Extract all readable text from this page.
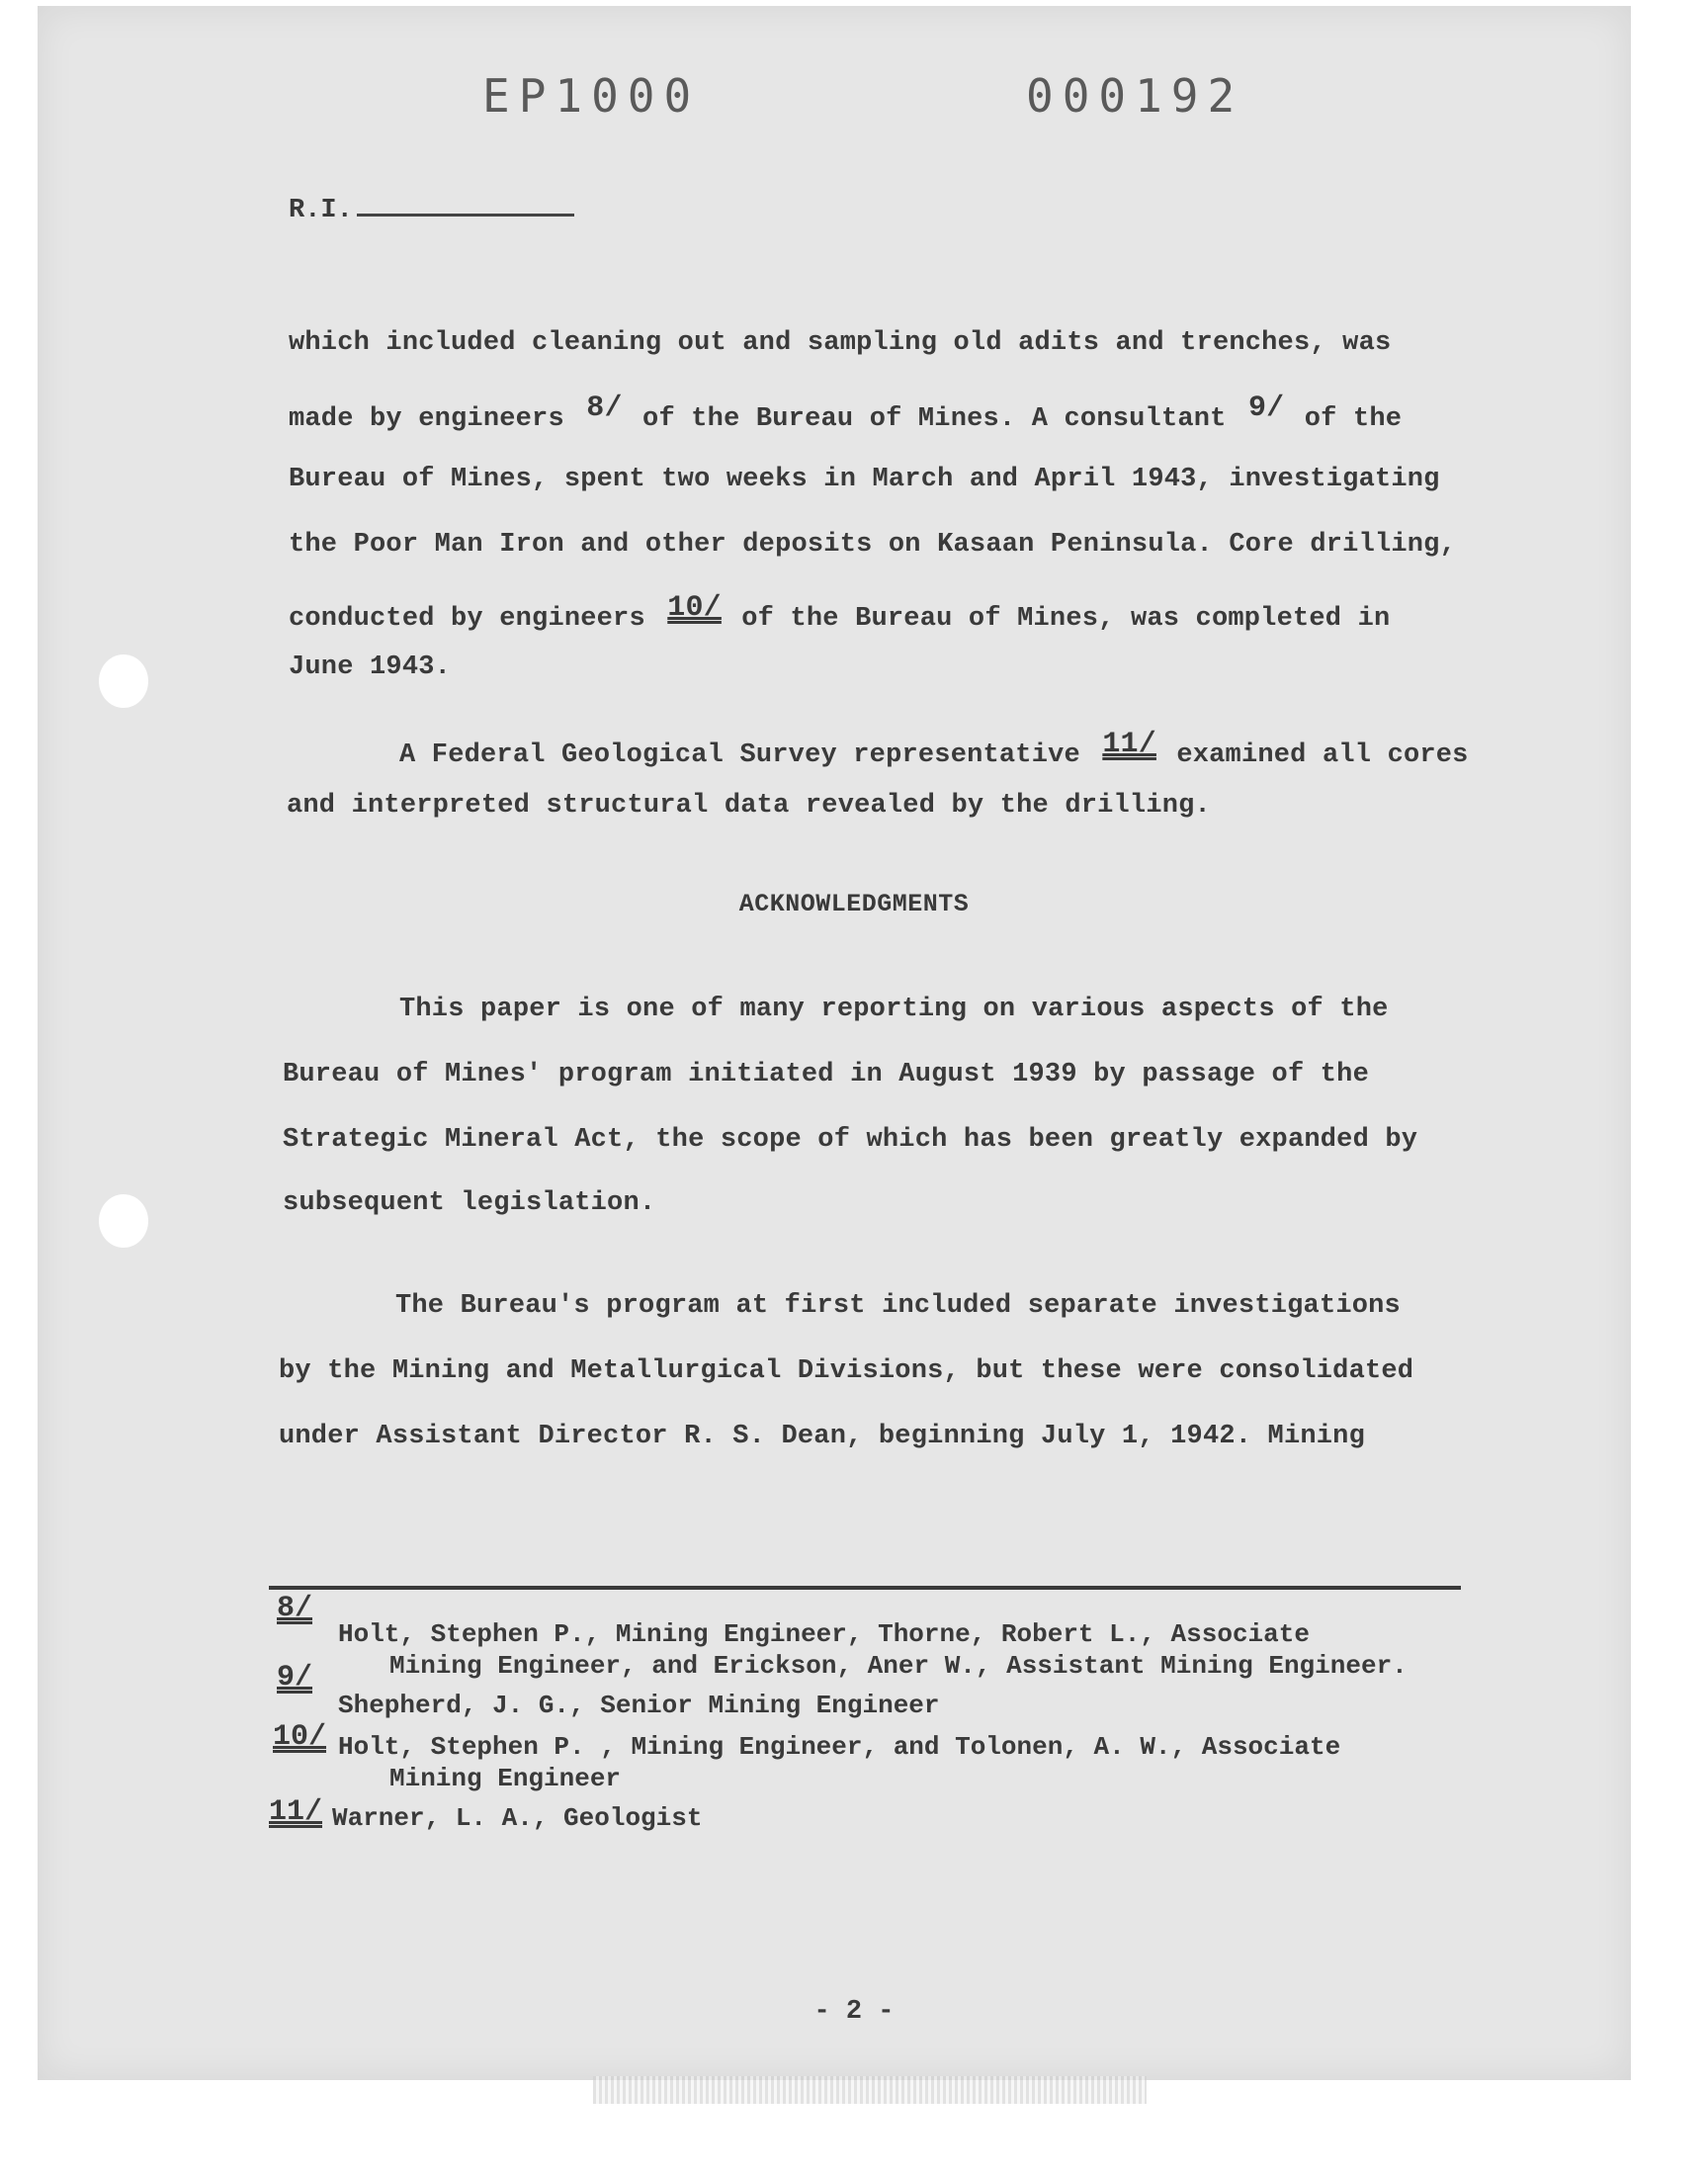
EP1000	000192
R.I.
which included cleaning out and sampling old adits and trenches, was
made by engineers 8/ of the Bureau of Mines. A consultant 9/ of the
Bureau of Mines, spent two weeks in March and April 1943, investigating
the Poor Man Iron and other deposits on Kasaan Peninsula. Core drilling,
conducted by engineers 10/ of the Bureau of Mines, was completed in
June 1943.
A Federal Geological Survey representative 11/ examined all cores
and interpreted structural data revealed by the drilling.
ACKNOWLEDGMENTS
This paper is one of many reporting on various aspects of the
Bureau of Mines' program initiated in August 1939 by passage of the
Strategic Mineral Act, the scope of which has been greatly expanded by
subsequent legislation.
The Bureau's program at first included separate investigations
by the Mining and Metallurgical Divisions, but these were consolidated
under Assistant Director R. S. Dean, beginning July 1, 1942. Mining
8/
Holt, Stephen P., Mining Engineer, Thorne, Robert L., Associate
Mining Engineer, and Erickson, Aner W., Assistant Mining Engineer.
9/
Shepherd, J. G., Senior Mining Engineer
10/ Holt, Stephen P. , Mining Engineer, and Tolonen, A. W., Associate
Mining Engineer
11/ Warner, L. A., Geologist
- 2 -
